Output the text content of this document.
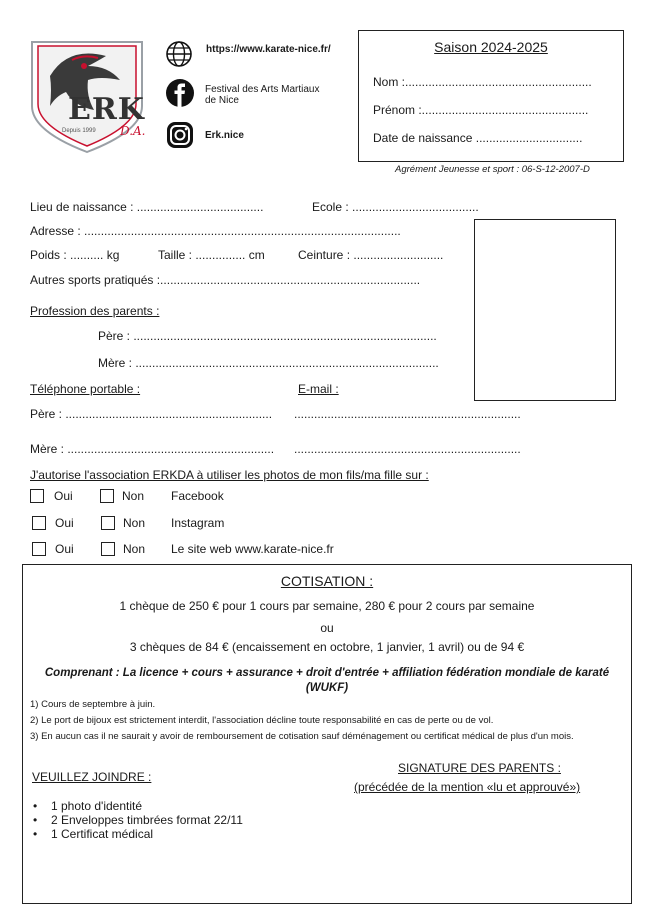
ERK
D.A.
Depuis 1999
https://www.karate-nice.fr/
Festival des Arts Martiaux
de Nice
Erk.nice
Saison 2024-2025
Nom :........................................................
Prénom :..................................................
Date de naissance ................................
Agrément Jeunesse et sport : 06-S-12-2007-D
Lieu de naissance : ......................................	Ecole : ......................................
Adresse : ...............................................................................................
Poids : .......... kg	Taille : ............... cm	Ceinture : ...........................
Autres sports pratiqués :..............................................................................
Profession des parents :
Père : ...........................................................................................
Mère : ...........................................................................................
Téléphone portable :	E-mail :
Père : .............................................................. ....................................................................
Mère : .............................................................. ....................................................................
J'autorise l'association ERKDA à utiliser les photos de mon fils/ma fille sur :
Oui	Non Facebook
Oui	Non Instagram
Oui	Non Le site web www.karate-nice.fr
COTISATION :
1 chèque de 250 € pour 1 cours par semaine, 280 € pour 2 cours par semaine
ou
3 chèques de 84 € (encaissement en octobre, 1 janvier, 1 avril) ou de 94 €
Comprenant : La licence + cours + assurance + droit d'entrée + affiliation fédération mondiale de karaté (WUKF)
1) Cours de septembre à juin.
2) Le port de bijoux est strictement interdit, l'association décline toute responsabilité en cas de perte ou de vol.
3) En aucun cas il ne saurait y avoir de remboursement de cotisation sauf déménagement ou certificat médical de plus d'un mois.
VEUILLEZ JOINDRE :
• 1 photo d'identité
• 2 Enveloppes timbrées format 22/11
• 1 Certificat médical
SIGNATURE DES PARENTS :
(précédée de la mention «lu et approuvé»)
